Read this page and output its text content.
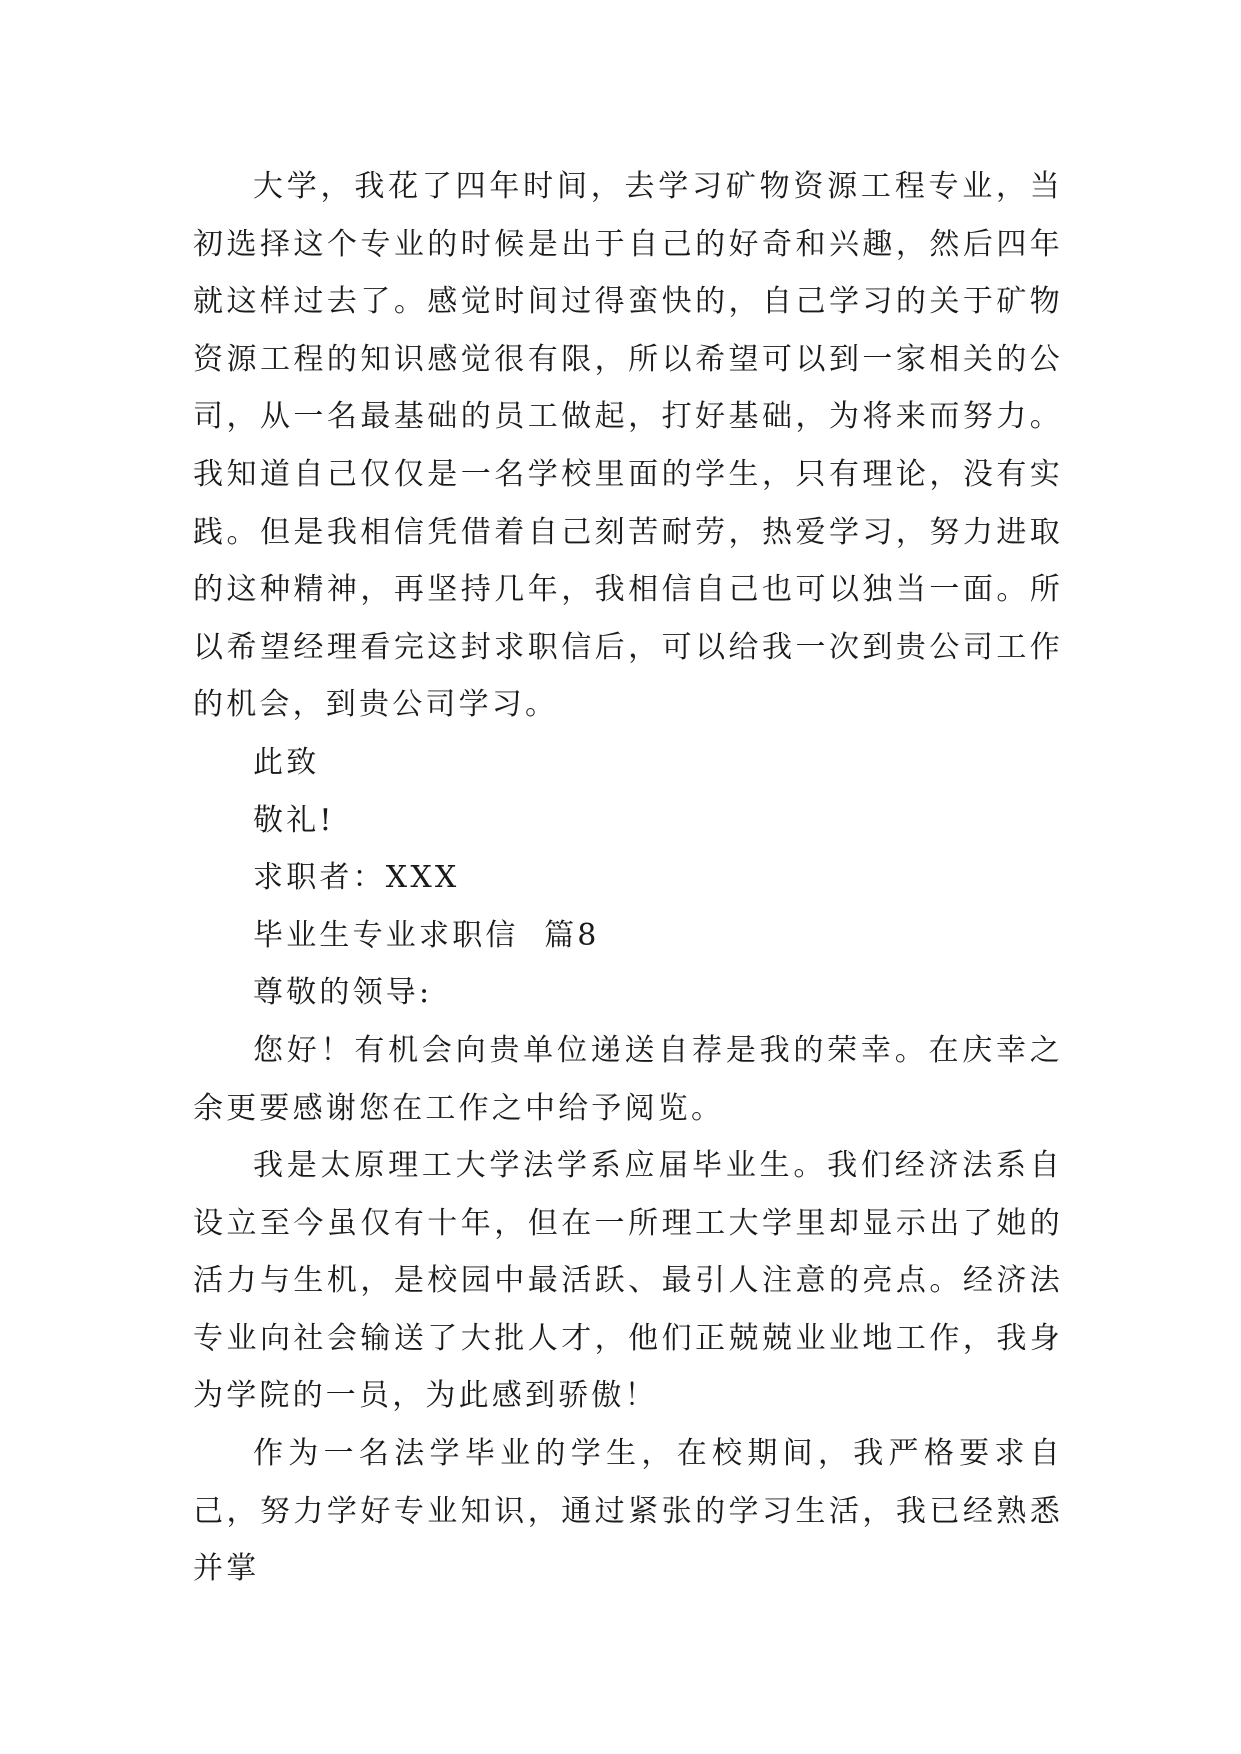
大学，我花了四年时间，去学习矿物资源工程专业，当初选择这个专业的时候是出于自己的好奇和兴趣，然后四年就这样过去了。感觉时间过得蛮快的，自己学习的关于矿物资源工程的知识感觉很有限，所以希望可以到一家相关的公司，从一名最基础的员工做起，打好基础，为将来而努力。我知道自己仅仅是一名学校里面的学生，只有理论，没有实践。但是我相信凭借着自己刻苦耐劳，热爱学习，努力进取的这种精神，再坚持几年，我相信自己也可以独当一面。所以希望经理看完这封求职信后，可以给我一次到贵公司工作的机会，到贵公司学习。

此致

敬礼!

求职者：XXX

毕业生专业求职信  篇8

尊敬的领导:

您好！有机会向贵单位递送自荐是我的荣幸。在庆幸之余更要感谢您在工作之中给予阅览。

我是太原理工大学法学系应届毕业生。我们经济法系自设立至今虽仅有十年，但在一所理工大学里却显示出了她的活力与生机，是校园中最活跃、最引人注意的亮点。经济法专业向社会输送了大批人才，他们正兢兢业业地工作，我身为学院的一员，为此感到骄傲！

作为一名法学毕业的学生，在校期间，我严格要求自己，努力学好专业知识，通过紧张的学习生活，我已经熟悉并掌
